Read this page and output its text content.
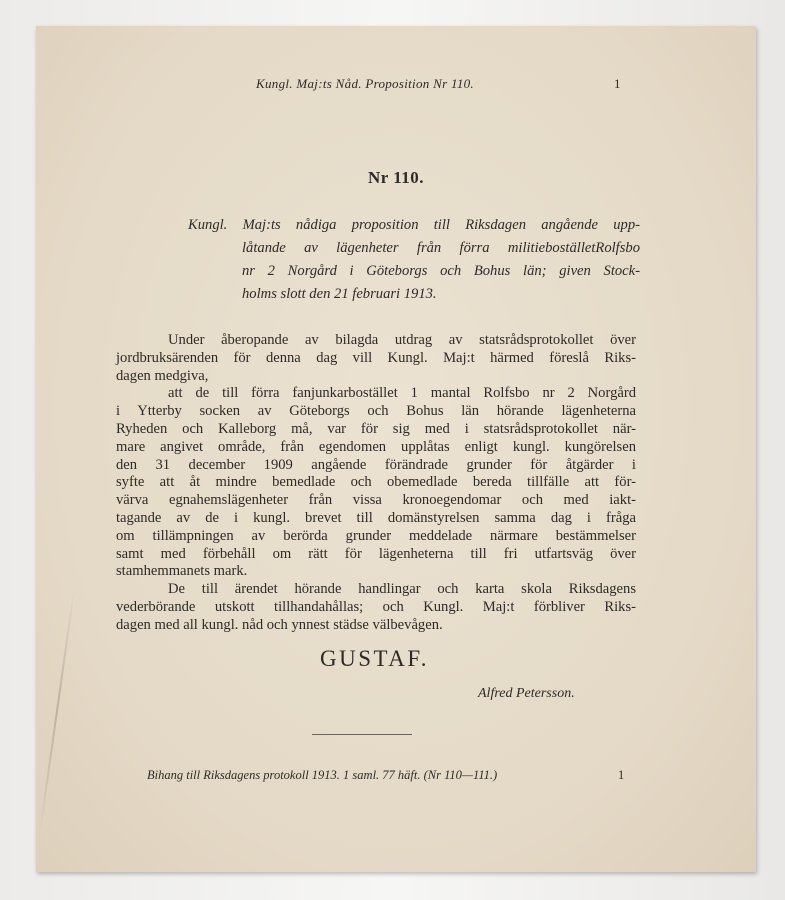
Kungl. Maj:ts Nåd. Proposition Nr 110.	1
Nr 110.
Kungl. Maj:ts nådiga proposition till Riksdagen angående upp-
låtande av lägenheter från förra militieboställetRolfsbo
nr 2 Norgård i Göteborgs och Bohus län; given Stock-
holms slott den 21 februari 1913.
Under åberopande av bilagda utdrag av statsrådsprotokollet över
jordbruksärenden för denna dag vill Kungl. Maj:t härmed föreslå Riks-
dagen medgiva,
att de till förra fanjunkarbostället 1 mantal Rolfsbo nr 2 Norgård
i Ytterby socken av Göteborgs och Bohus län hörande lägenheterna
Ryheden och Kalleborg må, var för sig med i statsrådsprotokollet när-
mare angivet område, från egendomen upplåtas enligt kungl. kungörelsen
den 31 december 1909 angående förändrade grunder för åtgärder i
syfte att åt mindre bemedlade och obemedlade bereda tillfälle att för-
värva egnahemslägenheter från vissa kronoegendomar och med iakt-
tagande av de i kungl. brevet till domänstyrelsen samma dag i fråga
om tillämpningen av berörda grunder meddelade närmare bestämmelser
samt med förbehåll om rätt för lägenheterna till fri utfartsväg över
stamhemmanets mark.
De till ärendet hörande handlingar och karta skola Riksdagens
vederbörande utskott tillhandahållas; och Kungl. Maj:t förbliver Riks-
dagen med all kungl. nåd och ynnest städse välbevågen.
GUSTAF.
Alfred Petersson.
Bihang till Riksdagens protokoll 1913. 1 saml. 77 häft. (Nr 110—111.)	1
